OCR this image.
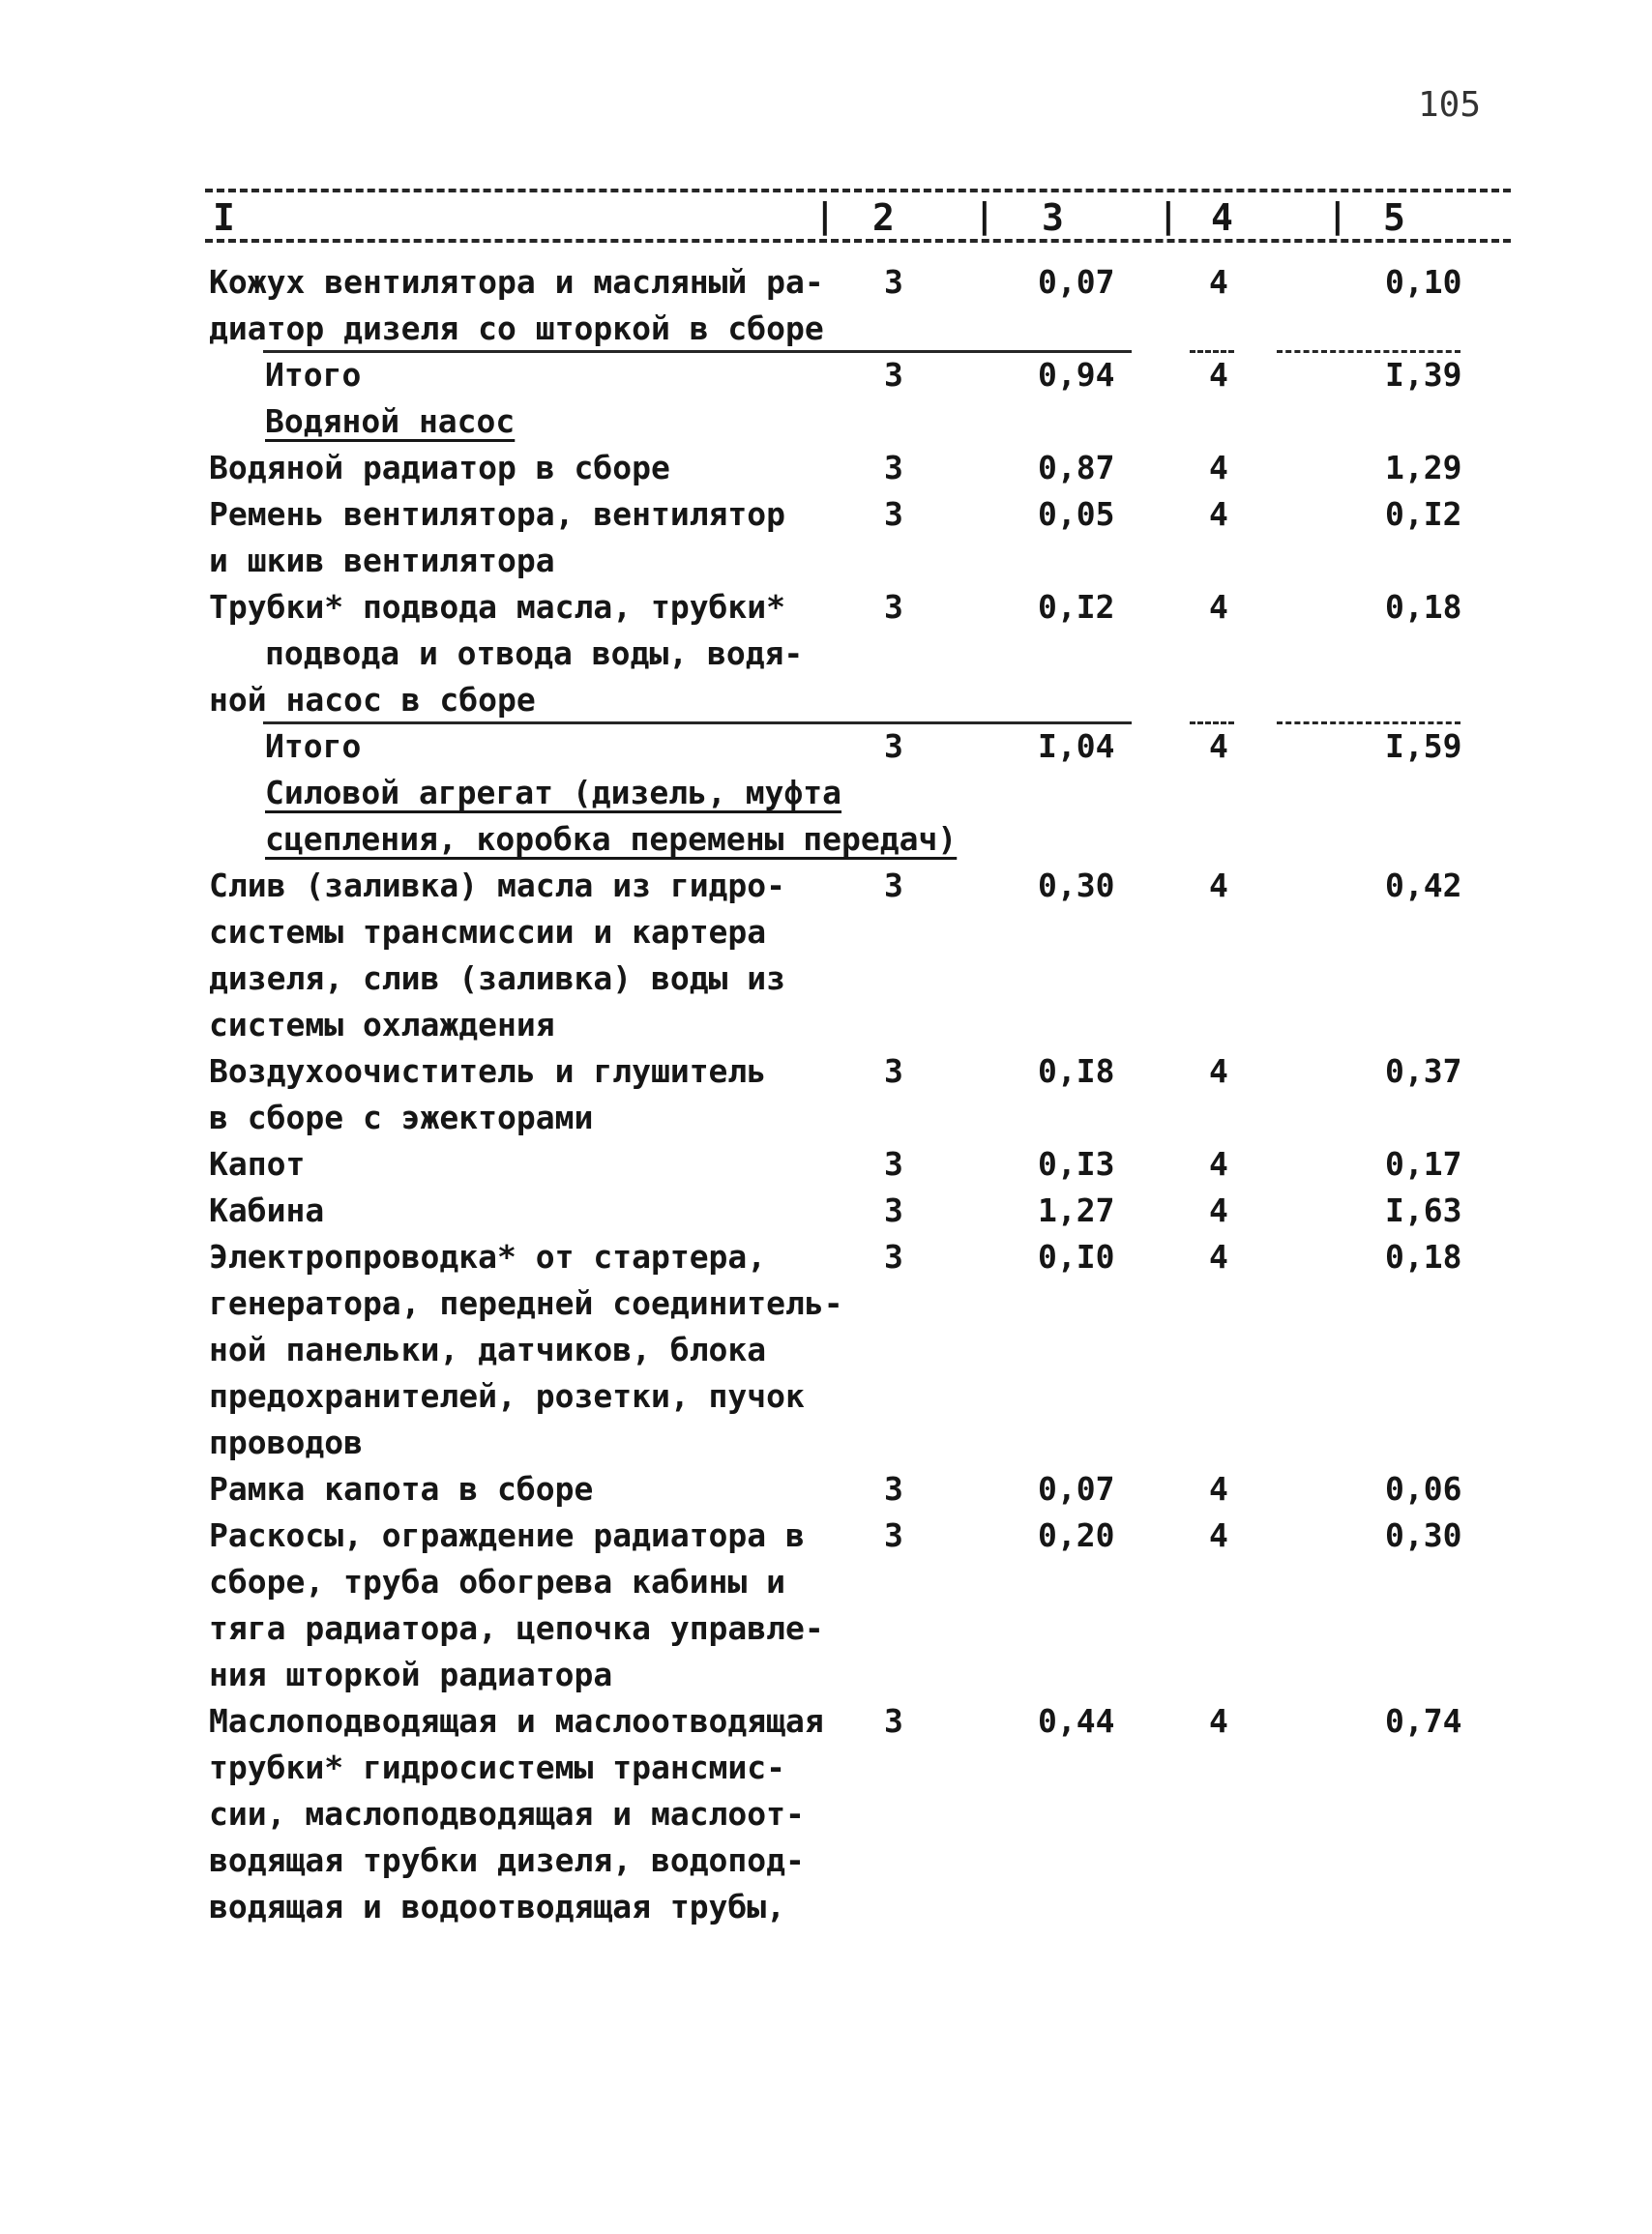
105
I	| 2 | 3	| 4	| 5
Кожух вентилятора и масляный ра-
диатор дизеля со шторкой в сборе
3	0,07	4	0,10
Итого	3	0,94	4	I,39
Водяной насос
Водяной радиатор в сборе	3	0,87	4	1,29
Ремень вентилятора, вентилятор
и шкив вентилятора
3	0,05	4	0,I2
Трубки* подвода масла, трубки*
подвода и отвода воды, водя-
ной насос в сборе
3	0,I2	4	0,18
Итого	3	I,04	4	I,59
Силовой агрегат (дизель, муфта
сцепления, коробка перемены передач)
Слив (заливка) масла из гидро-
системы трансмиссии и картера
дизеля, слив (заливка) воды из
системы охлаждения
3	0,30	4	0,42
Воздухоочиститель и глушитель
в сборе с эжекторами
3	0,I8	4	0,37
Капот	3	0,I3	4	0,17
Кабина	3	1,27	4	I,63
Электропроводка* от стартера,
генератора, передней соединитель-
ной панельки, датчиков, блока
предохранителей, розетки, пучок
проводов
3	0,I0	4	0,18
Рамка капота в сборе	3	0,07	4	0,06
Раскосы, ограждение радиатора в
сборе, труба обогрева кабины и
тяга радиатора, цепочка управле-
ния шторкой радиатора
3	0,20	4	0,30
Маслоподводящая и маслоотводящая
трубки* гидросистемы трансмис-
сии, маслоподводящая и маслоот-
водящая трубки дизеля, водопод-
водящая и водоотводящая трубы,
3	0,44	4	0,74
